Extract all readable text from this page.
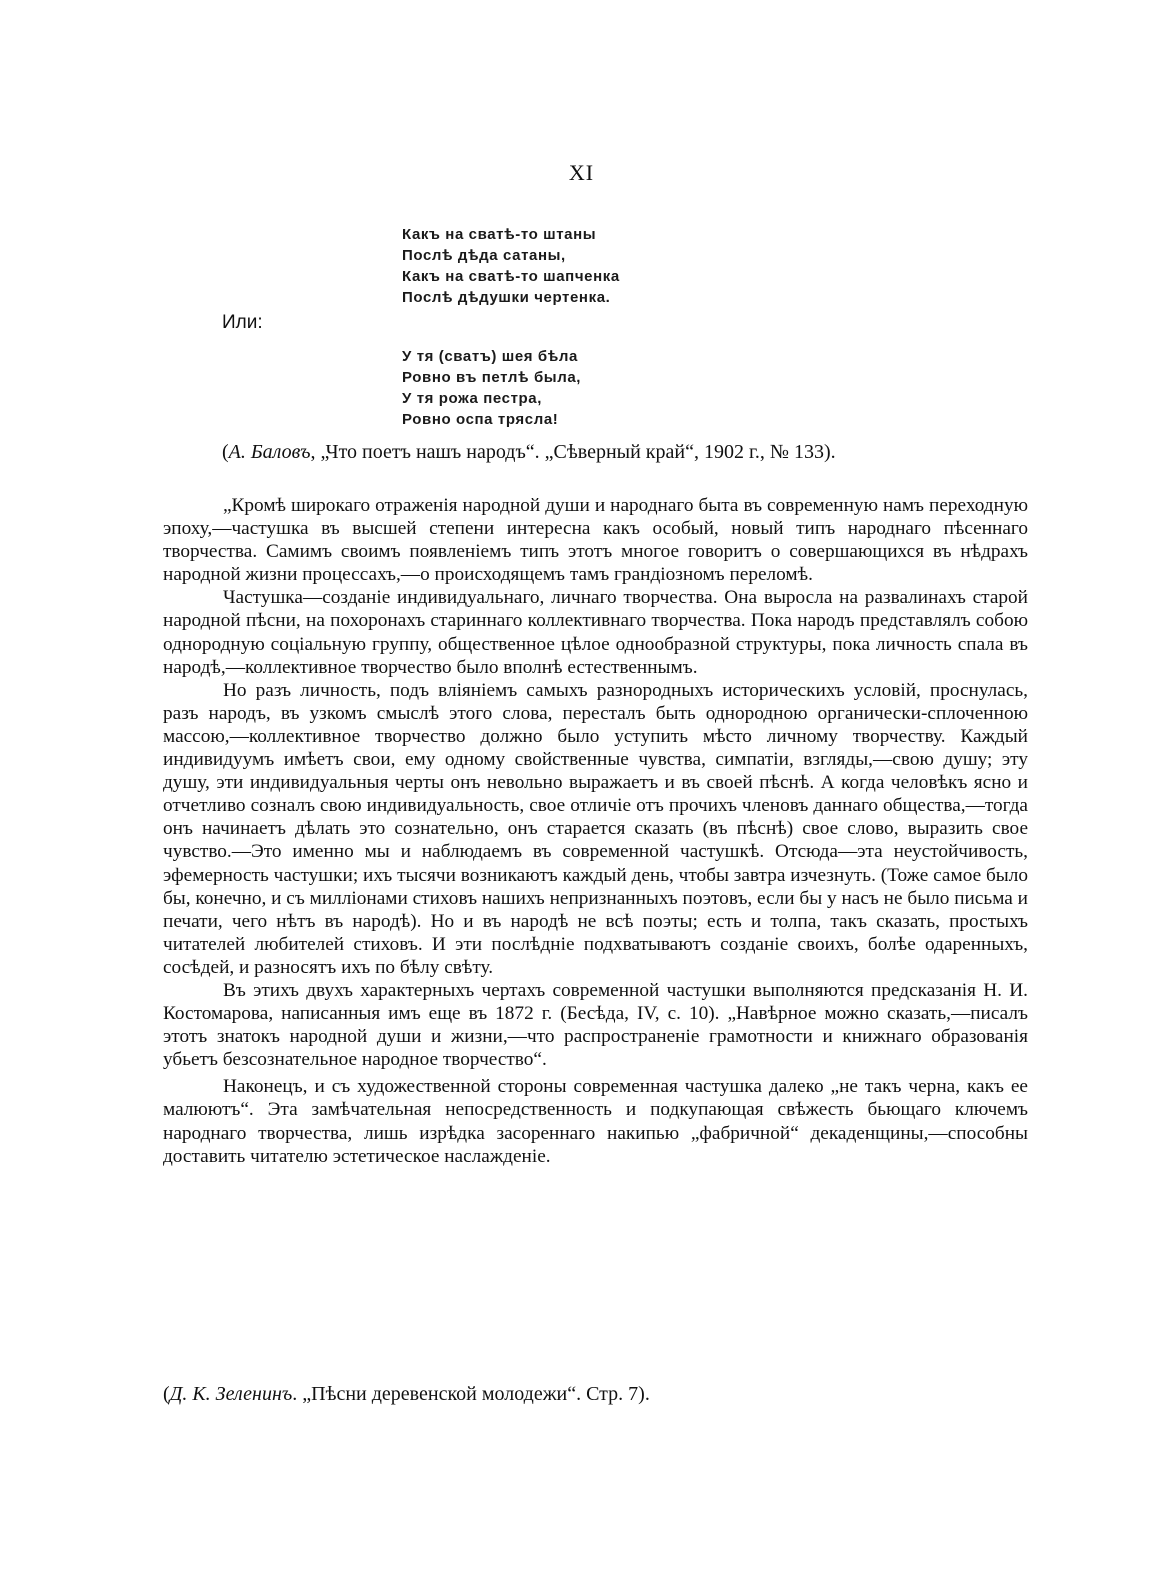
XI
Какъ на сватѣ-то штаны
Послѣ дѣда сатаны,
Какъ на сватѣ-то шапченка
Послѣ дѣдушки чертенка.
Или:
У тя (сватъ) шея бѣла
Ровно въ петлѣ была,
У тя рожа пестра,
Ровно оспа трясла!
(А. Баловъ, „Что поетъ нашъ народъ“. „Сѣверный край“, 1902 г., № 133).

„Кромѣ широкаго отраженія народной души и народнаго быта въ современную намъ переходную эпоху,—частушка въ высшей степени интересна какъ особый, новый типъ народнаго пѣсеннаго творчества. Самимъ своимъ появленіемъ типъ этотъ многое говоритъ о совершающихся въ нѣдрахъ народной жизни процессахъ,—о происходящемъ тамъ грандіозномъ переломѣ.

Частушка—созданіе индивидуальнаго, личнаго творчества. Она выросла на развалинахъ старой народной пѣсни, на похоронахъ стариннаго коллективнаго творчества. Пока народъ представлялъ собою однородную соціальную группу, общественное цѣлое однообразной структуры, пока личность спала въ народѣ,—коллективное творчество было вполнѣ естественнымъ.

Но разъ личность, подъ вліяніемъ самыхъ разнородныхъ историческихъ условій, проснулась, разъ народъ, въ узкомъ смыслѣ этого слова, пересталъ быть однородною органически-сплоченною массою,—коллективное творчество должно было уступить мѣсто личному творчеству. Каждый индивидуумъ имѣетъ свои, ему одному свойственные чувства, симпатіи, взгляды,—свою душу; эту душу, эти индивидуальныя черты онъ невольно выражаетъ и въ своей пѣснѣ. А когда человѣкъ ясно и отчетливо созналъ свою индивидуальность, свое отличіе отъ прочихъ членовъ даннаго общества,—тогда онъ начинаетъ дѣлать это сознательно, онъ старается сказать (въ пѣснѣ) свое слово, выразить свое чувство.—Это именно мы и наблюдаемъ въ современной частушкѣ. Отсюда—эта неустойчивость, эфемерность частушки; ихъ тысячи возникаютъ каждый день, чтобы завтра изчезнуть. (Тоже самое было бы, конечно, и съ милліонами стиховъ нашихъ непризнанныхъ поэтовъ, если бы у насъ не было письма и печати, чего нѣтъ въ народѣ). Но и въ народѣ не всѣ поэты; есть и толпа, такъ сказать, простыхъ читателей любителей стиховъ. И эти послѣдніе подхватываютъ созданіе своихъ, болѣе одаренныхъ, сосѣдей, и разносятъ ихъ по бѣлу свѣту.

Въ этихъ двухъ характерныхъ чертахъ современной частушки выполняются предсказанія Н. И. Костомарова, написанныя имъ еще въ 1872 г. (Бесѣда, IV, с. 10). „Навѣрное можно сказать,—писалъ этотъ знатокъ народной души и жизни,—что распространеніе грамотности и книжнаго образованія убьетъ безсознательное народное творчество“.

Наконецъ, и съ художественной стороны современная частушка далеко „не такъ черна, какъ ее малюютъ“. Эта замѣчательная непосредственность и подкупающая свѣжесть бьющаго ключемъ народнаго творчества, лишь изрѣдка засореннаго накипью „фабричной“ декаденщины,—способны доставить читателю эстетическое наслажденіе.

(Д. К. Зеленинъ. „Пѣсни деревенской молодежи“. Стр. 7).
